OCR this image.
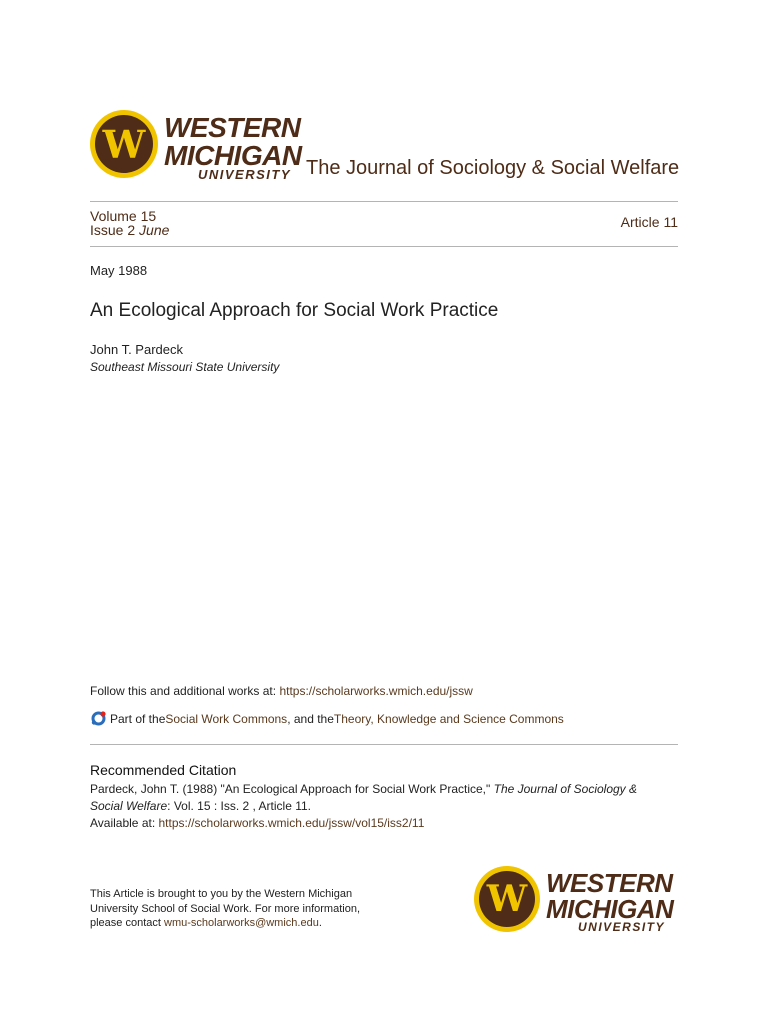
W WESTERN
MICHIGAN
UNIVERSITY The Journal of Sociology & Social Welfare
Volume 15
Issue 2 June	Article 11
May 1988
An Ecological Approach for Social Work Practice
John T. Pardeck
Southeast Missouri State University
Follow this and additional works at: https://scholarworks.wmich.edu/jssw
Part of the Social Work Commons , and the Theory, Knowledge and Science Commons
Recommended Citation
Pardeck, John T. (1988) "An Ecological Approach for Social Work Practice," The Journal of Sociology &
Social Welfare: Vol. 15 : Iss. 2 , Article 11.
Available at: https://scholarworks.wmich.edu/jssw/vol15/iss2/11
This Article is brought to you by the Western Michigan
University School of Social Work. For more information,
please contact wmu-scholarworks@wmich.edu.
W WESTERN
MICHIGAN
UNIVERSITY
